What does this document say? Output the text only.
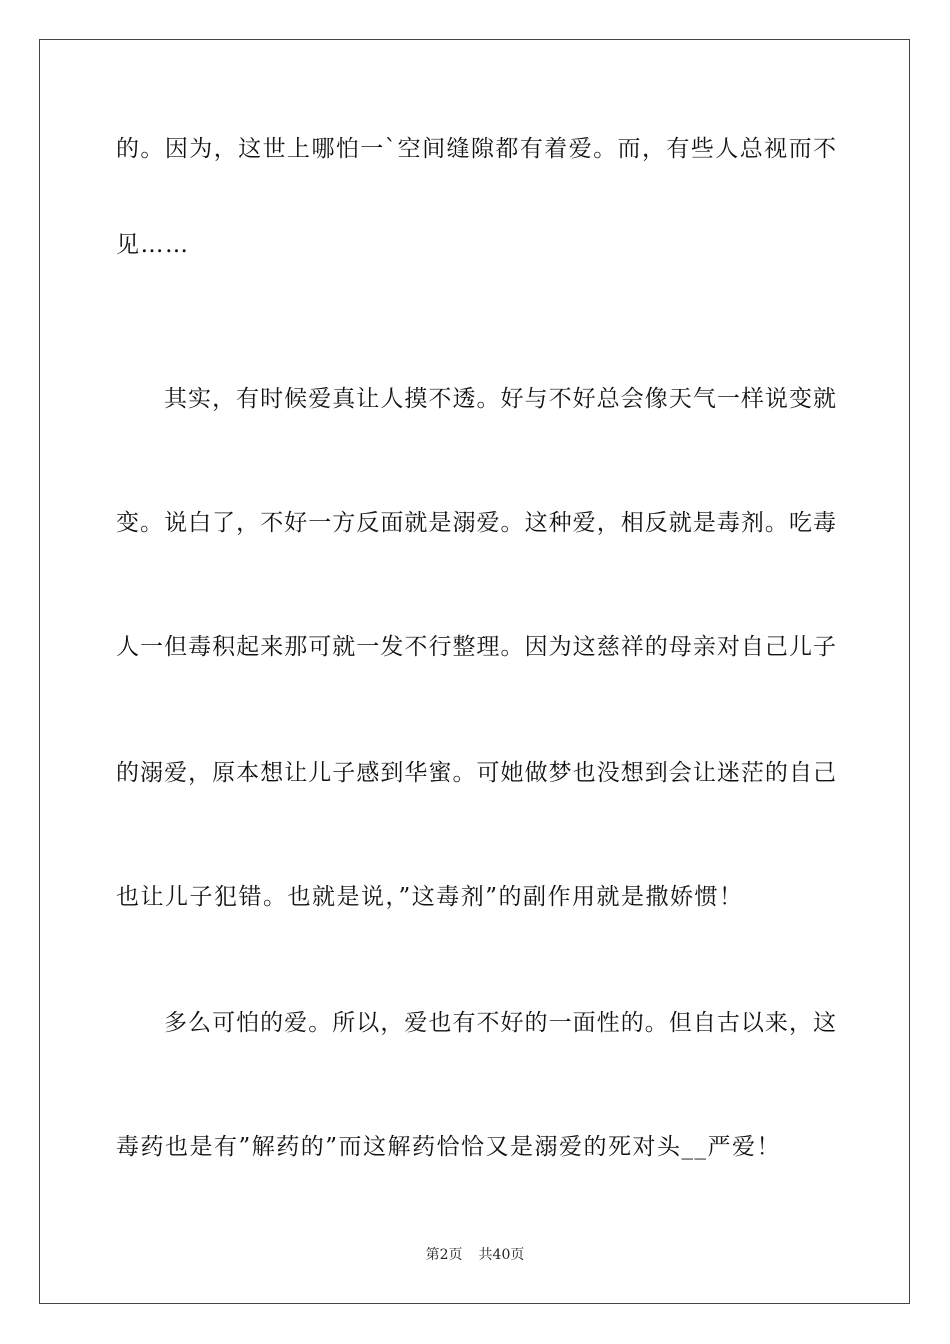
的。因为，这世上哪怕一`空间缝隙都有着爱。而，有些人总视而不
见……
其实，有时候爱真让人摸不透。好与不好总会像天气一样说变就
变。说白了，不好一方反面就是溺爱。这种爱，相反就是毒剂。吃毒
人一但毒积起来那可就一发不行整理。因为这慈祥的母亲对自己儿子
的溺爱，原本想让儿子感到华蜜。可她做梦也没想到会让迷茫的自己
也让儿子犯错。也就是说，”这毒剂”的副作用就是撒娇惯！
多么可怕的爱。所以，爱也有不好的一面性的。但自古以来，这
毒药也是有”解药的”而这解药恰恰又是溺爱的死对头__严爱！
第2页 共40页
